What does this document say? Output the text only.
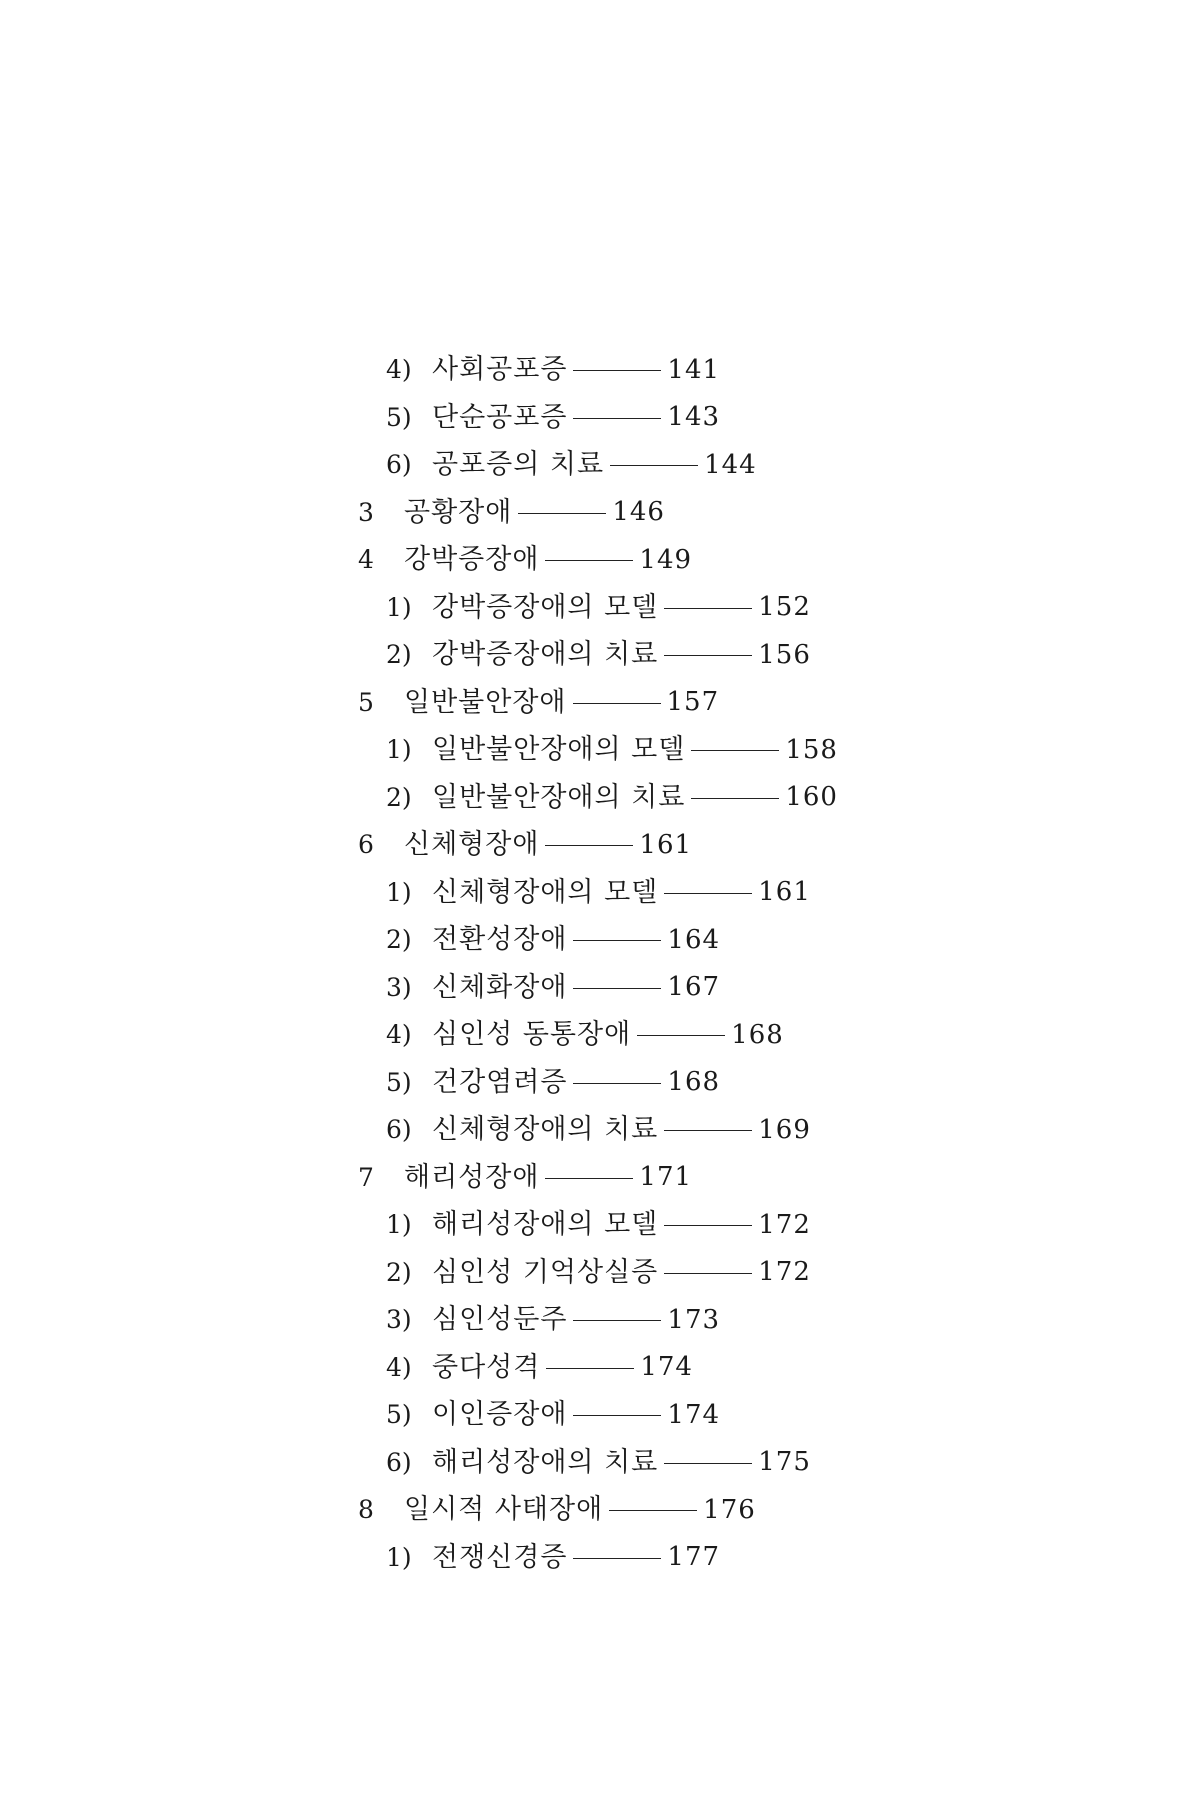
4) 사회공포증	141
5) 단순공포증	143
6) 공포증의 치료	144
3	공황장애	146
4	강박증장애	149
1) 강박증장애의 모델	152
2) 강박증장애의 치료	156
5	일반불안장애	157
1) 일반불안장애의 모델	158
2) 일반불안장애의 치료	160
6	신체형장애	161
1) 신체형장애의 모델	161
2) 전환성장애	164
3) 신체화장애	167
4) 심인성 동통장애	168
5) 건강염려증	168
6) 신체형장애의 치료	169
7	해리성장애	171
1) 해리성장애의 모델	172
2) 심인성 기억상실증	172
3) 심인성둔주	173
4) 중다성격	174
5) 이인증장애	174
6) 해리성장애의 치료	175
8	일시적 사태장애	176
1) 전쟁신경증	177
